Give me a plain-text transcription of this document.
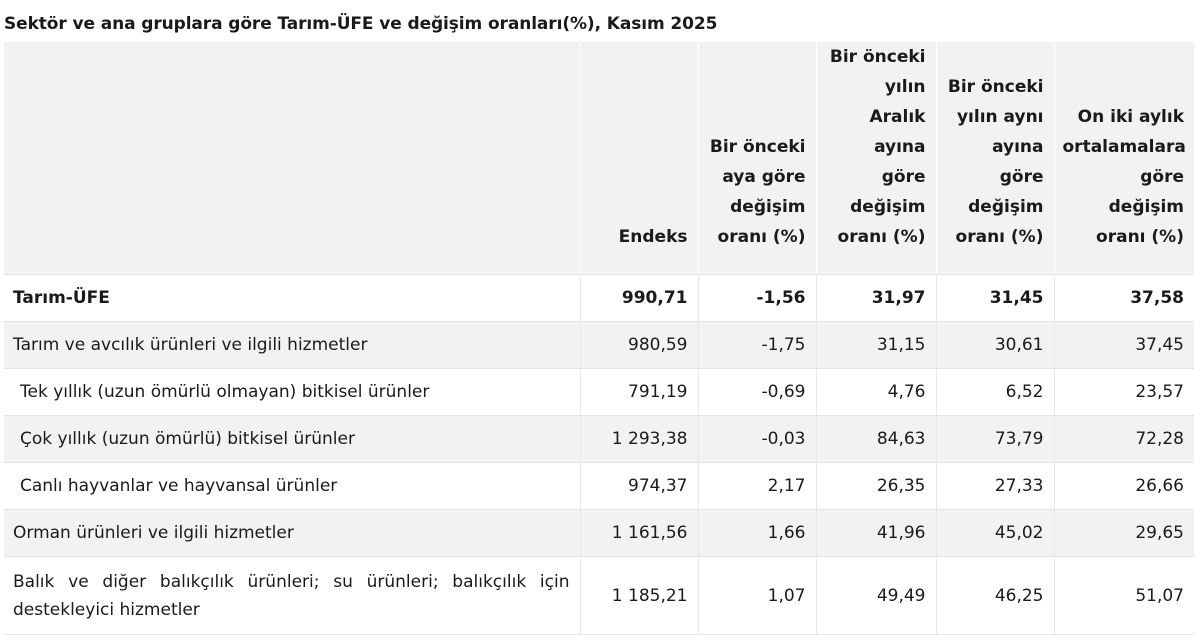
Sektör ve ana gruplara göre Tarım-ÜFE ve değişim oranları(%), Kasım 2025
	Endeks	Bir önceki aya göre değişim oranı (%)	Bir önceki yılın Aralık ayına göre değişim oranı (%)	Bir önceki yılın aynı ayına göre değişim oranı (%)	On iki aylık ortalamalara göre değişim oranı (%)
Tarım-ÜFE	990,71	-1,56	31,97	31,45	37,58
Tarım ve avcılık ürünleri ve ilgili hizmetler	980,59	-1,75	31,15	30,61	37,45
Tek yıllık (uzun ömürlü olmayan) bitkisel ürünler	791,19	-0,69	4,76	6,52	23,57
Çok yıllık (uzun ömürlü) bitkisel ürünler	1 293,38	-0,03	84,63	73,79	72,28
Canlı hayvanlar ve hayvansal ürünler	974,37	2,17	26,35	27,33	26,66
Orman ürünleri ve ilgili hizmetler	1 161,56	1,66	41,96	45,02	29,65
Balık ve diğer balıkçılık ürünleri; su ürünleri; balıkçılık için destekleyici hizmetler	1 185,21	1,07	49,49	46,25	51,07
